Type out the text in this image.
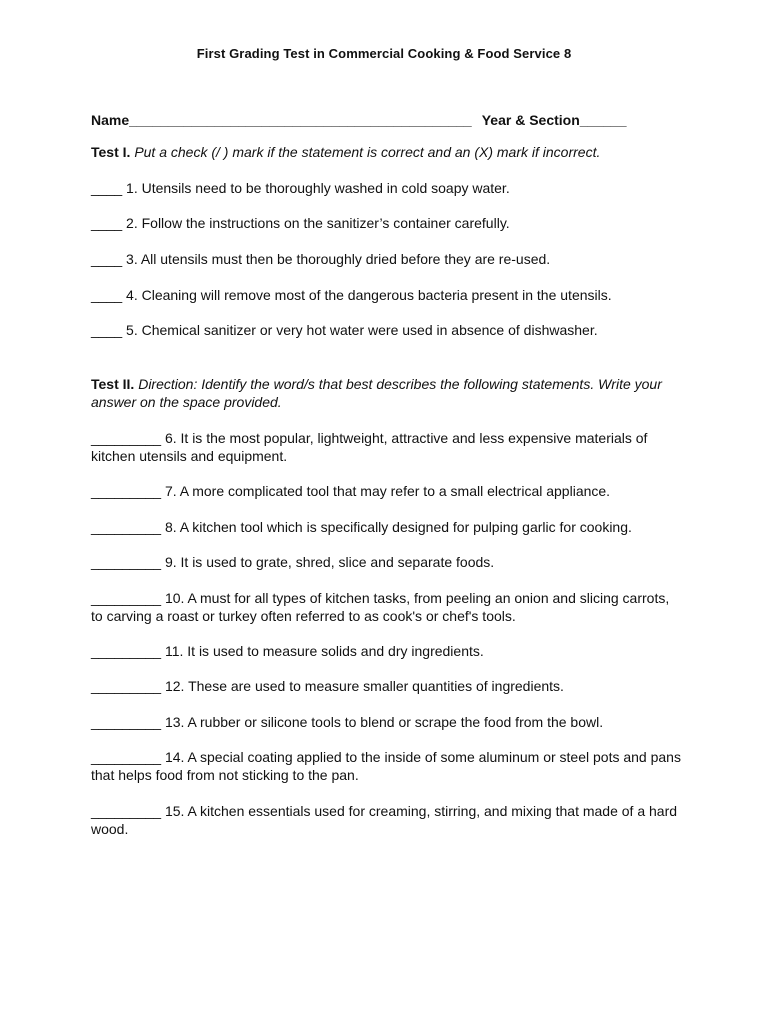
First Grading Test in Commercial Cooking & Food Service 8
Name____________________________________________ Year & Section______
Test I. Put a check (/ ) mark if the statement is correct and an (X) mark if incorrect.
____ 1. Utensils need to be thoroughly washed in cold soapy water.
____ 2. Follow the instructions on the sanitizer’s container carefully.
____ 3. All utensils must then be thoroughly dried before they are re-used.
____ 4. Cleaning will remove most of the dangerous bacteria present in the utensils.
____ 5. Chemical sanitizer or very hot water were used in absence of dishwasher.
Test II. Direction: Identify the word/s that best describes the following statements. Write your answer on the space provided.
_________ 6. It is the most popular, lightweight, attractive and less expensive materials of kitchen utensils and equipment.
_________ 7. A more complicated tool that may refer to a small electrical appliance.
_________ 8. A kitchen tool which is specifically designed for pulping garlic for cooking.
_________ 9. It is used to grate, shred, slice and separate foods.
_________ 10. A must for all types of kitchen tasks, from peeling an onion and slicing carrots, to carving a roast or turkey often referred to as cook's or chef's tools.
_________ 11. It is used to measure solids and dry ingredients.
_________ 12. These are used to measure smaller quantities of ingredients.
_________ 13. A rubber or silicone tools to blend or scrape the food from the bowl.
_________ 14. A special coating applied to the inside of some aluminum or steel pots and pans that helps food from not sticking to the pan.
_________ 15. A kitchen essentials used for creaming, stirring, and mixing that made of a hard wood.
